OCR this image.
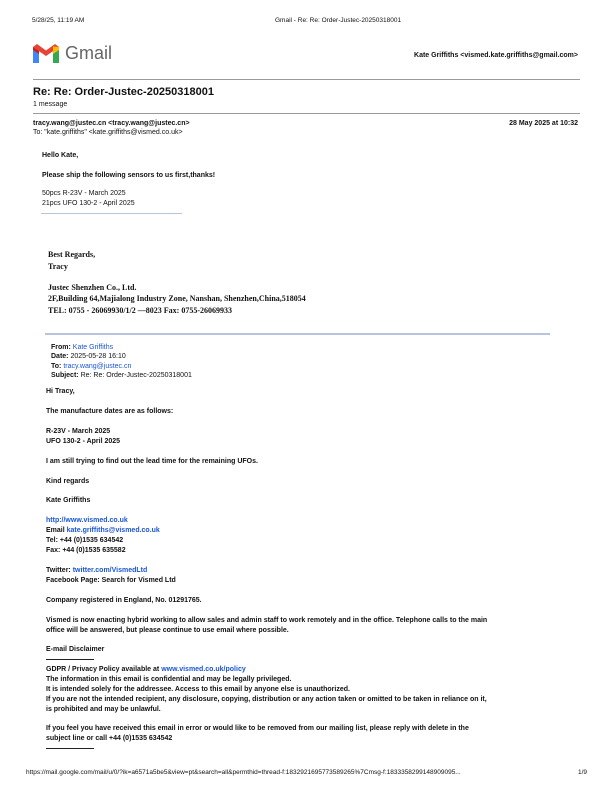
5/28/25, 11:19 AM	Gmail - Re: Re: Order-Justec-20250318001
Gmail	Kate Griffiths <vismed.kate.griffiths@gmail.com>
Re: Re: Order-Justec-20250318001
1 message
tracy.wang@justec.cn <tracy.wang@justec.cn>
To: "kate.griffiths" <kate.griffiths@vismed.co.uk>
28 May 2025 at 10:32
Hello Kate,
Please ship the following sensors to us first,thanks!
50pcs R-23V - March 2025
21pcs UFO 130-2 - April 2025
Best Regards,
Tracy
Justec Shenzhen Co., Ltd.
2F,Building 64,Majialong Industry Zone, Nanshan, Shenzhen,China,518054
TEL: 0755 - 26069930/1/2 —8023 Fax: 0755-26069933
From: Kate Griffiths
Date: 2025-05-28 16:10
To: tracy.wang@justec.cn
Subject: Re: Re: Order-Justec-20250318001
Hi Tracy,
The manufacture dates are as follows:
R-23V - March 2025
UFO 130-2 - April 2025
I am still trying to find out the lead time for the remaining UFOs.
Kind regards
Kate Griffiths
http://www.vismed.co.uk
Email kate.griffiths@vismed.co.uk
Tel: +44 (0)1535 634542
Fax: +44 (0)1535 635582
Twitter: twitter.com/VismedLtd
Facebook Page: Search for Vismed Ltd
Company registered in England, No. 01291765.
Vismed is now enacting hybrid working to allow sales and admin staff to work remotely and in the office. Telephone calls to the main
office will be answered, but please continue to use email where possible.
E-mail Disclaimer
GDPR / Privacy Policy available at www.vismed.co.uk/policy
The information in this email is confidential and may be legally privileged.
It is intended solely for the addressee. Access to this email by anyone else is unauthorized.
If you are not the intended recipient, any disclosure, copying, distribution or any action taken or omitted to be taken in reliance on it,
is prohibited and may be unlawful.
If you feel you have received this email in error or would like to be removed from our mailing list, please reply with delete in the
subject line or call +44 (0)1535 634542
https://mail.google.com/mail/u/0/?ik=a6571a5be5&view=pt&search=all&permthid=thread-f:1832921695773589265%7Cmsg-f:1833358299148909095...	1/9
